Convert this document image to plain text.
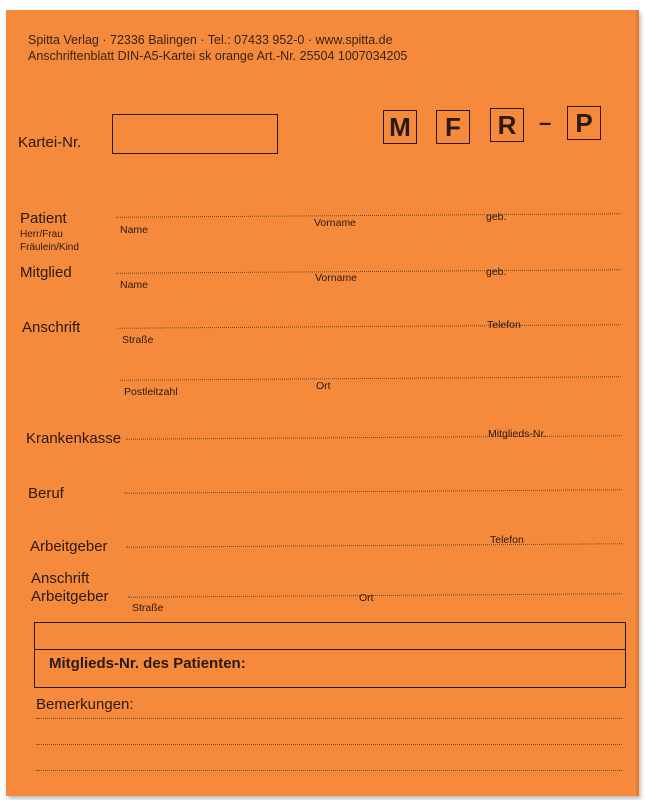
Spitta Verlag · 72336 Balingen · Tel.: 07433 952-0 · www.spitta.de
Anschriftenblatt DIN-A5-Kartei sk orange Art.-Nr. 25504 1007034205
Kartei-Nr.
M	F	R	– P
Patient
Herr/Frau
Fräulein/Kind
Name
Vorname	geb.
Mitglied
Name
Vorname	geb.
Anschrift
Straße
Telefon
Postleitzahl	Ort
Krankenkasse	Mitglieds-Nr.
Beruf
Arbeitgeber	Telefon
Anschrift
Arbeitgeber
Straße
Ort
Mitglieds-Nr. des Patienten:
Bemerkungen:
